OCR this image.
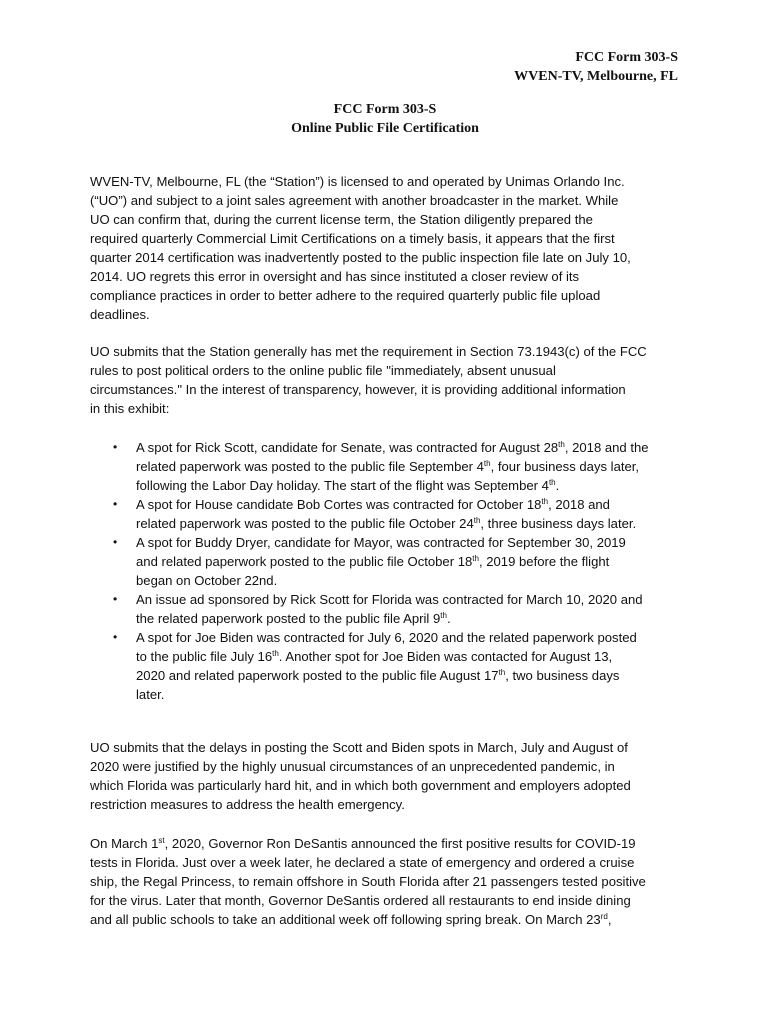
FCC Form 303-S
WVEN-TV, Melbourne, FL
FCC Form 303-S
Online Public File Certification
WVEN-TV, Melbourne, FL (the “Station”) is licensed to and operated by Unimas Orlando Inc.
(“UO”) and subject to a joint sales agreement with another broadcaster in the market. While
UO can confirm that, during the current license term, the Station diligently prepared the
required quarterly Commercial Limit Certifications on a timely basis, it appears that the first
quarter 2014 certification was inadvertently posted to the public inspection file late on July 10,
2014. UO regrets this error in oversight and has since instituted a closer review of its
compliance practices in order to better adhere to the required quarterly public file upload
deadlines.
UO submits that the Station generally has met the requirement in Section 73.1943(c) of the FCC
rules to post political orders to the online public file "immediately, absent unusual
circumstances." In the interest of transparency, however, it is providing additional information
in this exhibit:
• A spot for Rick Scott, candidate for Senate, was contracted for August 28th, 2018 and the
related paperwork was posted to the public file September 4th, four business days later,
following the Labor Day holiday. The start of the flight was September 4th.
• A spot for House candidate Bob Cortes was contracted for October 18th, 2018 and
related paperwork was posted to the public file October 24th, three business days later.
• A spot for Buddy Dryer, candidate for Mayor, was contracted for September 30, 2019
and related paperwork posted to the public file October 18th, 2019 before the flight
began on October 22nd.
• An issue ad sponsored by Rick Scott for Florida was contracted for March 10, 2020 and
the related paperwork posted to the public file April 9th.
• A spot for Joe Biden was contracted for July 6, 2020 and the related paperwork posted
to the public file July 16th. Another spot for Joe Biden was contacted for August 13,
2020 and related paperwork posted to the public file August 17th, two business days
later.
UO submits that the delays in posting the Scott and Biden spots in March, July and August of
2020 were justified by the highly unusual circumstances of an unprecedented pandemic, in
which Florida was particularly hard hit, and in which both government and employers adopted
restriction measures to address the health emergency.
On March 1st, 2020, Governor Ron DeSantis announced the first positive results for COVID-19
tests in Florida. Just over a week later, he declared a state of emergency and ordered a cruise
ship, the Regal Princess, to remain offshore in South Florida after 21 passengers tested positive
for the virus. Later that month, Governor DeSantis ordered all restaurants to end inside dining
and all public schools to take an additional week off following spring break. On March 23rd,
